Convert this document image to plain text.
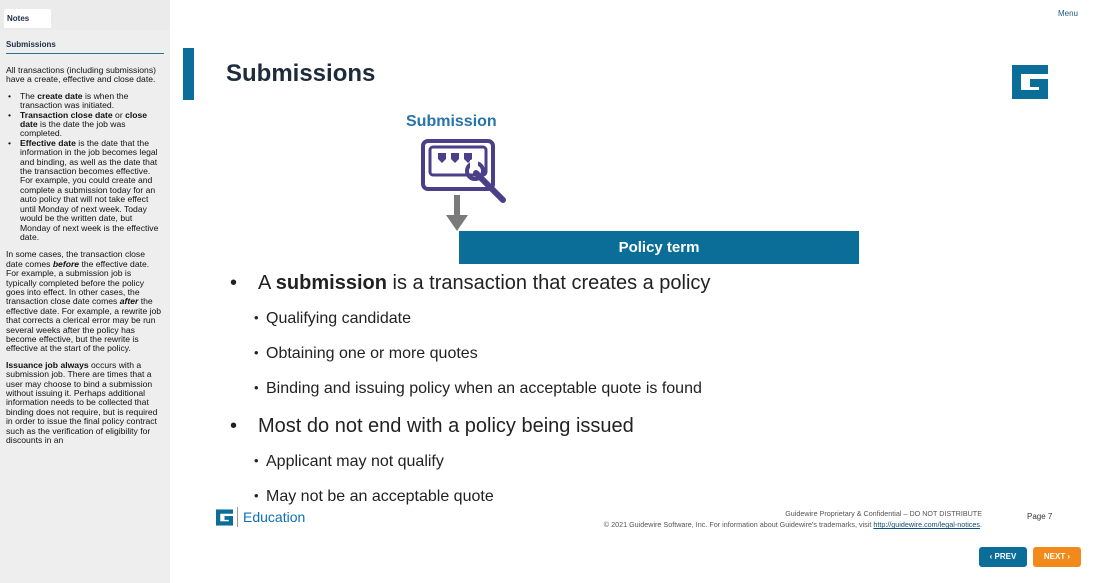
Notes
Submissions

All transactions (including submissions) have a create, effective and close date.

• The create date is when the transaction was initiated.
• Transaction close date or close date is the date the job was completed.
• Effective date is the date that the information in the job becomes legal and binding, as well as the date that the transaction becomes effective. For example, you could create and complete a submission today for an auto policy that will not take effect until Monday of next week. Today would be the written date, but Monday of next week is the effective date.

In some cases, the transaction close date comes before the effective date. For example, a submission job is typically completed before the policy goes into effect. In other cases, the transaction close date comes after the effective date. For example, a rewrite job that corrects a clerical error may be run several weeks after the policy has become effective, but the rewrite is effective at the start of the policy.

Issuance job always occurs with a submission job. There are times that a user may choose to bind a submission without issuing it. Perhaps additional information needs to be collected that binding does not require, but is required in order to issue the final policy contract such as the verification of eligibility for discounts in an

Menu
Submissions
Submission
Policy term
• A submission is a transaction that creates a policy
• Qualifying candidate
• Obtaining one or more quotes
• Binding and issuing policy when an acceptable quote is found
• Most do not end with a policy being issued
• Applicant may not qualify
• May not be an acceptable quote
Education	Guidewire Proprietary & Confidential – DO NOT DISTRIBUTE
© 2021 Guidewire Software, Inc. For information about Guidewire's trademarks, visit http://guidewire.com/legal-notices.
Page 7
‹ PREV	NEXT ›
